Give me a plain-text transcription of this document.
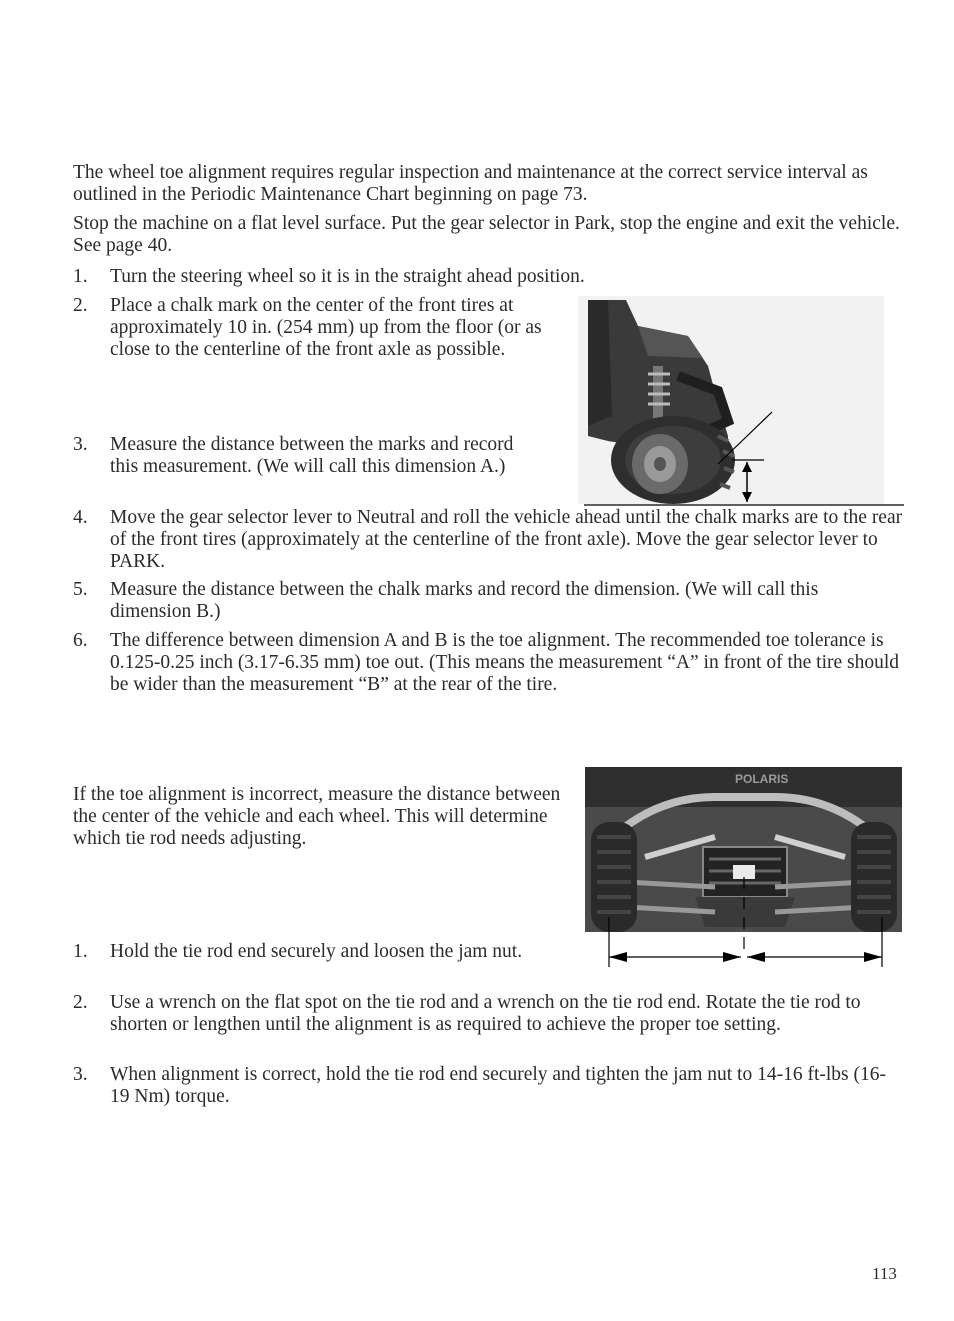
The wheel toe alignment requires regular inspection and maintenance at the correct service interval as outlined in the Periodic Maintenance Chart beginning on page 73.

Stop the machine on a flat level surface. Put the gear selector in Park, stop the engine and exit the vehicle. See page 40.

1.	Turn the steering wheel so it is in the straight ahead position.
2.	Place a chalk mark on the center of the front tires at approximately 10 in. (254 mm) up from the floor (or as close to the centerline of the front axle as possible.
3.	Measure the distance between the marks and record this measurement. (We will call this dimension A.)
4.	Move the gear selector lever to Neutral and roll the vehicle ahead until the chalk marks are to the rear of the front tires (approximately at the centerline of the front axle). Move the gear selector lever to PARK.
5.	Measure the distance between the chalk marks and record the dimension. (We will call this dimension B.)
6.	The difference between dimension A and B is the toe alignment. The recommended toe tolerance is 0.125-0.25 inch (3.17-6.35 mm) toe out. (This means the measurement “A” in front of the tire should be wider than the measurement “B” at the rear of the tire.

If the toe alignment is incorrect, measure the distance between the center of the vehicle and each wheel. This will determine which tie rod needs adjusting.

POLARIS
1.	Hold the tie rod end securely and loosen the jam nut.
2.	Use a wrench on the flat spot on the tie rod and a wrench on the tie rod end. Rotate the tie rod to shorten or lengthen until the alignment is as required to achieve the proper toe setting.
3.	When alignment is correct, hold the tie rod end securely and tighten the jam nut to 14-16 ft-lbs (16-19 Nm) torque.
113
